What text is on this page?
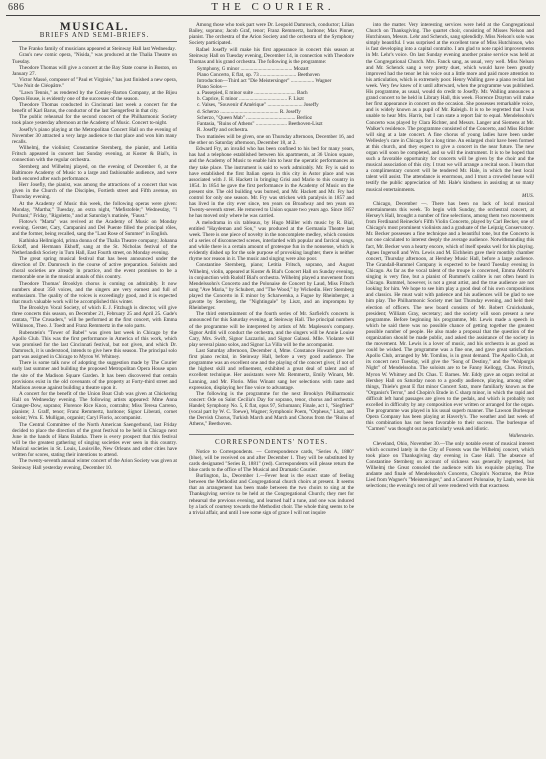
686	THE COURIER.
MUSICAL.
BRIEFS AND SEMI-BRIEFS.

The Franko family of musicians appeared at Steinway Hall last Wednesday.

Grau's new comic opera, "Nisida," was produced at the Thalia Theatre on Tuesday.

Theodore Thomas will give a concert at the Bay State course in Boston, on January 27.

Victor Massé, composer of "Paul et Virginie," has just finished a new opera, "Une Nuit de Cléopâtre."

"Lawn Tennis," as rendered by the Comley-Barton Company, at the Bijou Opera House, is evidently one of the successes of the season.

Theodore Thomas conducted in Cincinnati last week a concert for the benefit of Karl Barus, the conductor of the last Saengerfest in that city.

The public rehearsal for the second concert of the Philharmonic Society took place yesterday afternoon at the Academy of Music. Concert to-night.

Josefly's piano playing at the Metropolitan Concert Hall on the evening of November 30 attracted a very large audience to that place and won him many recalls.

Wilhelmj, the violinist; Constantine Sternberg, the pianist, and Letitia Fritsch appeared in concert last Sunday evening, at Koster & Bial's, in connection with the regular orchestra.

Sternberg and Wilhelmj played, on the evening of December 6, at the Baltimore Academy of Music to a large and fashionable audience, and were both encored after each performance.

Herr Josefly, the pianist, was among the attractions of a concert that was given in the Church of the Disciples, Fortieth street and Fifth avenue, on Thursday evening.

At the Academy of Music this week, the following operas were given: Monday, "Martha;" Tuesday, an extra night, "Mefistofele;" Wednesday, "I Puritani;" Friday, "Rigoletto," and at Saturday's matinée, "Faust."

Flotow's "Marta" was revived at the Academy of Music on Monday evening. Gerster, Cary, Campanini and Del Puente filled the principal rôles, and the former, being recalled, sang the "Last Rose of Summer" in English.

Kathinka Hellmigold, prima donna of the Thalia Theatre company; Johanna Eckoff, and Hermann Ekhoff, sang at the St. Nicholas festival of the Netherlandish Society in Turn Hall, East Fourth street, on Monday evening.

The great spring musical festival that has been announced under the direction of Dr. Damrosch in the course of active preparation. Soloists and choral societies are already in practice, and the event promises to be a memorable one in the musical annals of this country.

Theodore Thomas' Brooklyn chorus is coming on admirably. It now numbers about 350 voices, and the singers are very earnest and full of enthusiasm. The quality of the voices is exceedingly good, and it is expected that much valuable work will be accomplished this winter.

The Brooklyn Vocal Society, of which E. J. Fitzhugh is director, will give three concerts this season, on December 21, February 25 and April 25. Gade's cantata, "The Crusaders," will be performed at the first concert, with Emma Wilkinson, Theo. J. Toedt and Franz Remmertz in the solo parts.

Rubenstein's "Tower of Babel" was given last week in Chicago by the Apollo Club. This was the first performance in America of this work, which was promised for the last Cincinnati festival, but not given, and which Dr. Damrosch, it is understood, intends to give here this season. The principal solo part was assigned in Chicago to Myron W. Whitney.

There is some talk now of adopting the suggestion made by The Courier early last summer and building the proposed Metropolitan Opera House upon the site of the Madison Square Garden. It has been discovered that certain provisions exist in the old covenants of the property at Forty-third street and Madison avenue against building a theatre upon it.

A concert for the benefit of the Union Boat Club was given at Chickering Hall on Wednesday evening. The following artists appeared: Mme Anna Granger-Dow, soprano; Florence Rice Knox, contralto; Miss Teresa Carreno, pianiste; J. Graff, tenor; Franz Remmertz, baritone; Signor Liberati, cornet soloist; Wm. E. Mulligan, organist; Caryl Florio, accompanist.

The Central Committee of the North American Saengerbund, last Friday decided to place the direction of the great festival to be held in Chicago next June in the hands of Hans Balatka. There is every prospect that this festival will be the greatest gathering of singing societies ever seen in this country. Musical societies in St. Louis, Louisville, New Orleans and other cities have written for scores, stating their intentions to attend.

The twenty-seventh annual winter concert of the Arion Society was given at Steinway Hall yesterday evening, December 10.

Among those who took part were Dr. Leopold Damrosch, conductor; Lilian Bailey, soprano; Jacob Graf, tenor; Franz Remmertz, baritone; Max Pinner, pianist. The orchestra of the Arion Society and the orchestra of the Symphony Society participated.

Rafael Joseffy will make his first appearance in concert this season at Steinway Hall on Tuesday evening, December 14, in connection with Theodore Thomas and his grand orchestra. The following is the programme:

Symphony, G minor ........................................ Mozart
Piano Concerto, E flat, op. 73 ............................ Beethoven
Introduction—Third act "Die Meistersinger" .................. Wagner
Piano Solos—
a. Passepied, E minor suite ................................ Bach
b. Caprice, E minor ..................................... F. Liszt
c. Valses, "Souvenir d'Amérique" ........................... Joseffy
d. Scherzo ............................................. R. Joseffy
Scherzo, "Queen Mab" ...................................... Berlioz
Fantasia, "Ruins of Athens" ........................ Beethoven-Liszt
R. Joseffy and orchestra.

Two matinées will be given, one on Thursday afternoon, December 16, and the other on Saturday afternoon, December 18, at 2.

Edward Fry, an invalid who has been confined to his bed for many years, has had a telephone established between his apartments, at 36 Union square, and the Academy of Music to enable him to hear the operatic performances as they take place. The instrument is said to work admirably. Mr. Fry is said to have established the first Italian opera in this city in Astor place and was associated with J. H. Hackett in bringing Grisi and Mario to this country in 1854. In 1854 he gave the first performance in the Academy of Music on the present site. The old building was burned, and Mr. Hackett and Mr. Fry had control for only one season. Mr. Fry was stricken with paralysis in 1857 and has lived in the city ever since, ten years on Broadway and ten years on Twenty-seventh street. He removed to Union square two years ago. Since 1857 he has moved only where he was carried.

A melodrama in six tableaux, by Hugo Müller with music by R. Bial, entitled "Haydeman and Son," was produced at the Germania Theatre last week. There is one piece of novelty in the noncomplete medley, which consists of a series of disconnected scenes, interlarded with popular and farcical songs, and while there is a certain amount of grotesque fun in the nonsense, which is evidently dished up for the sole purpose of provoking laughter, there is neither rhyme nor reason in it. The music and singing were also poor.

Constantine Sternberg, piano; Letitia Fritsch, soprano, and August Wilhelmj, violin, appeared at Koster & Bial's Concert Hall on Sunday evening, in conjunction with Rudolf Bial's orchestra. Wilhelmj played a movement from Mendelssohn's Concerto and the Polonaise de Concert by Laud, Miss Fritsch sang "Ave Maria," by Schubert, and "The Wood," by Wickedin. Herr Sternberg played the Concerto in E minor by Scharwenka, a Fugue by Rheinberger, a gavotte by Sternberg, the "Nightingale" by Liszt, and an impromptu by Rheinberger.

The third entertainment of the fourth series of Mr. Sarfield's concerts is announced for this Saturday evening, at Steinway Hall. The principal numbers of the programme will be interpreted by artists of Mr. Mapleson's company. Signor Arditi will conduct the orchestra, and the singers will be Annie Louise Cary, Mrs. Swift, Signor Lazzarini, and Signor Galassi. Mlle. Violante will play several piano solos, and Signor La Villa will be the accompanist.

Last Saturday afternoon, December 4, Mme. Constance Howard gave her first piano recital, in Steinway Hall, before a very good audience. The programme was an excellent one and the playing of the concert giver, if not of the highest skill and refinement, exhibited a great deal of talent and of excellent technique. Her assistants were Mr. Remmertz, Emily Winant, Mr. Lanning, and Mr. Florio. Miss Winant sang her selections with taste and expression, displaying her fine voice to advantage.

The following is the programme for the next Brooklyn Philharmonic concert: Ode on Saint Cecilia's Day for soprano, tenor, chorus and orchestra. Handel; Symphony No. 5, E flat, opus 97, Schumann; Finale, act 1, "Siegfried" (vocal part by W. C. Toewe), Wagner; Symphonic Poem, "Orpheus," Liszt, and the Dervish Chorus, Turkish March and March and Chorus from the "Ruins of Athens," Beethoven.

CORRESPONDENTS' NOTES.

Notice to Correspondents. — Correspondence cards, "Series A, 1880" (blue), will be received on and after December 1. They will be substituted by cards designated "Series B, 1881" (red). Correspondents will please return the blue cards to the office of The Musical and Dramatic Courier.

Burlington, Ia., December 1.—Fever heat is the exact state of feeling between the Methodist and Congregational church choirs at present. It seems that an arrangement has been made between the two choirs to sing at the Thanksgiving service to be held at the Congregational Church; they met for rehearsal the previous evening, and learned half a tune, and one was induced by a lack of courtesy towards the Methodist choir. The whole thing seems to be a trivial affair, and until I see some sign of grace I will not inquire

into the matter. Very interesting services were held at the Congregational Church on Thanksgiving. The quartet choir, consisting of Misses Nelson and Hutchinson, Messrs. Lehr and Schenck, sang splendidly. Miss Nelson's solo was simply beautiful. I was surprised at the excellent tone of Miss Hutchinson, who is fast developing into a capital contralto. I am glad to note rapid improvements in Mr. Lehr's voice. On last Sunday evening another praise service was held at the Congregational Church. Mrs. Fanck sang, as usual, very well. Miss Nelson and Mr. Schenck sang a very pretty duet, which would have been greatly improved had the tenor let his voice out a little more and paid more attention to his articulation, which is extremely poor. Henry Walling gave a piano recital last week. Very few knew of it until afterward, when the programme was published. His programme, as usual, would do credit to Joseffy. Mr. Walling announces a grand concert to be held in Library Hall, this week. Florence Drayton will make her first appearance in concert on the occasion. She possesses remarkable voice, and is widely known as a pupil of Mr. Raleigh. It is to be regretted that I was unable to hear Mrs. Harris, but I can state a report fair to equal. Mendelssohn's Concerto was played by Clara Richter, and Messrs. Langer and Siemens at Mr. Walker's residence. The programme consisted of the Concerto, and Miss Richter will sing at a late concert. A fine chorus of young ladies have been under Wellesley's care in Chicago for a long time. An enlarged choir have been formed at this church, and they expect to give a concert in the near future. The new organ will soon be completed, and so will the instrument. It is to be hoped that such a favorable opportunity for concerts will be given by the choir and the musical association of this city. I trust we will arrange a recital soon. I learn that a complimentary concert will be tendered Mr. Hale, in which the best local talent will assist. The attendance is enormous, and I trust a crowded house will testify the public appreciation of Mr. Hale's kindness in assisting at so many musical entertainments.

MUS.

Chicago, December —. There has been no lack of local musical entertainments this week. To begin with Sunday, the orchestral concert, at Hersey's Hall, brought a number of fine selections, among them two movements from Ferdinand Reinecke's Fifth Violin Concerto, played by Carl Becker, one of Chicago's most prominent violinists and a graduate of the Leipzig Conservatory. Mr. Becker possesses a fine technique and a beautiful tone, but the Concerto is not one calculated to interest deeply the average audience. Notwithstanding this fact, Mr. Becker won a hearty encore, which of itself speaks well for his playing. Agnes Ingersoll and Wm. Lewis and M. Eichheim gave their monthly chamber concert, Thursday afternoon, at Hershey Music Hall, before a large audience. The Grandall-Rummel Company is expected to be heard Tuesday evening in Chicago. As far as the vocal talent of the troupe is concerned, Emma Abbott's singing is very fine, but a pianist of Rummel's calibre is not often heard in Chicago. Rummel, however, is not a great artist, and the true audience are not looking for him. We hope to see him play a good deal of his own compositions and classics. He must wait with patience and his audiences will be glad to see him play. The Philharmonic Society met last Thursday evening, and held their election of officers. The new board consists of Mr. Robert Cruickshank, president; William Gray, secretary; and the society will soon present a new programme. Before beginning his programme, Mr. Lewis made a speech in which he said there was no possible chance of getting together the greatest possible number of people. He also made a proposal that the question of the organization should be made public, and asked the assistance of the society in the movement. Mr. Lewis is a lover of music, and his orchestra is as good as could be wished. The programme was a fine one, and gave great satisfaction. Apollo Club, arranged by Mr. Tomlins, is in great demand. The Apollo Club, at its concert next Tuesday, will give the "Song of Destiny," and the "Walpurgis Night" of Mendelssohn. The soloists are to be Fanny Kellogg, Chas. Fritsch, Myron W. Whitney and Dr. Chas. T. Barnes. Mr. Eddy gave an organ recital at Hershey Hall on Saturday noon to a goodly audience, playing, among other things, Thiele's great E flat minor Concert Satz, more familiarly known as the "Organist's Terror," and Chopin's Etude in C sharp minor, in which the rapid and difficult left hand passages are given to the pedals, and which is probably not excelled in difficulty by any composition ever written or arranged for the organ. The programme was played in his usual superb manner. The Lawson Burlesque Opera Company has been playing at Haverly's. The weather and last week of this combination has not been favorable to their success. The burlesque of "Carmen" was thought out as particularly weak and idiotic.

Wallenstein.

Cleveland, Ohio, November 30.—The only notable event of musical interest which occurred lately in the City of Forests was the Wilhelmj concert, which took place on Thanksgiving day evening in Case Hall. The absence of Constantine Sternberg on account of sickness was generally regretted, but Wilhelmj the Great consoled the audience with his exquisite playing. The andante and finale of Mendelssohn's Concerto, Chopin's Nocturne, the Prize Lied from Wagner's "Meistersinger," and a Concert Polonaise, by Laub, were his selections; the evening's rest of all were rendered with that exactness
